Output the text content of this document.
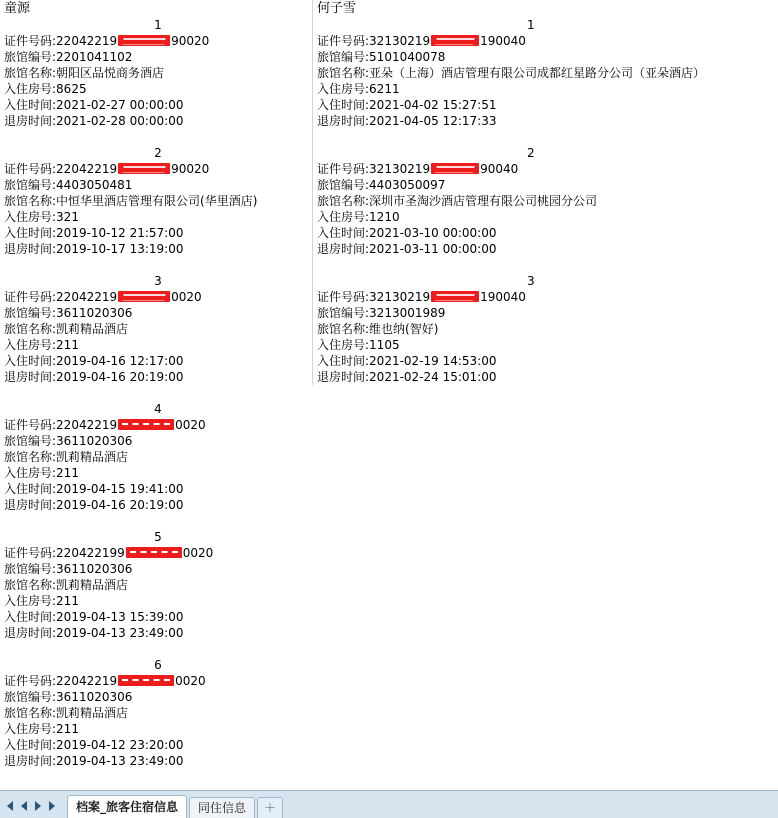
童源
1
证件号码:22042219	90020
旅馆编号:2201041102
旅馆名称:朝阳区品悦商务酒店
入住房号:8625
入住时间:2021-02-27 00:00:00
退房时间:2021-02-28 00:00:00
2
证件号码:22042219	90020
旅馆编号:4403050481
旅馆名称:中恒华里酒店管理有限公司(华里酒店)
入住房号:321
入住时间:2019-10-12 21:57:00
退房时间:2019-10-17 13:19:00
3
证件号码:22042219	0020
旅馆编号:3611020306
旅馆名称:凯莉精品酒店
入住房号:211
入住时间:2019-04-16 12:17:00
退房时间:2019-04-16 20:19:00
4
证件号码:22042219	0020
旅馆编号:3611020306
旅馆名称:凯莉精品酒店
入住房号:211
入住时间:2019-04-15 19:41:00
退房时间:2019-04-16 20:19:00
5
证件号码:220422199	0020
旅馆编号:3611020306
旅馆名称:凯莉精品酒店
入住房号:211
入住时间:2019-04-13 15:39:00
退房时间:2019-04-13 23:49:00
6
证件号码:22042219	0020
旅馆编号:3611020306
旅馆名称:凯莉精品酒店
入住房号:211
入住时间:2019-04-12 23:20:00
退房时间:2019-04-13 23:49:00
何子雪
1
证件号码:32130219	190040
旅馆编号:5101040078
旅馆名称:亚朵（上海）酒店管理有限公司成都红星路分公司（亚朵酒店）
入住房号:6211
入住时间:2021-04-02 15:27:51
退房时间:2021-04-05 12:17:33
2
证件号码:32130219	90040
旅馆编号:4403050097
旅馆名称:深圳市圣淘沙酒店管理有限公司桃园分公司
入住房号:1210
入住时间:2021-03-10 00:00:00
退房时间:2021-03-11 00:00:00
3
证件号码:32130219	190040
旅馆编号:3213001989
旅馆名称:维也纳(智好)
入住房号:1105
入住时间:2021-02-19 14:53:00
退房时间:2021-02-24 15:01:00
档案_旅客住宿信息	同住信息	＋
